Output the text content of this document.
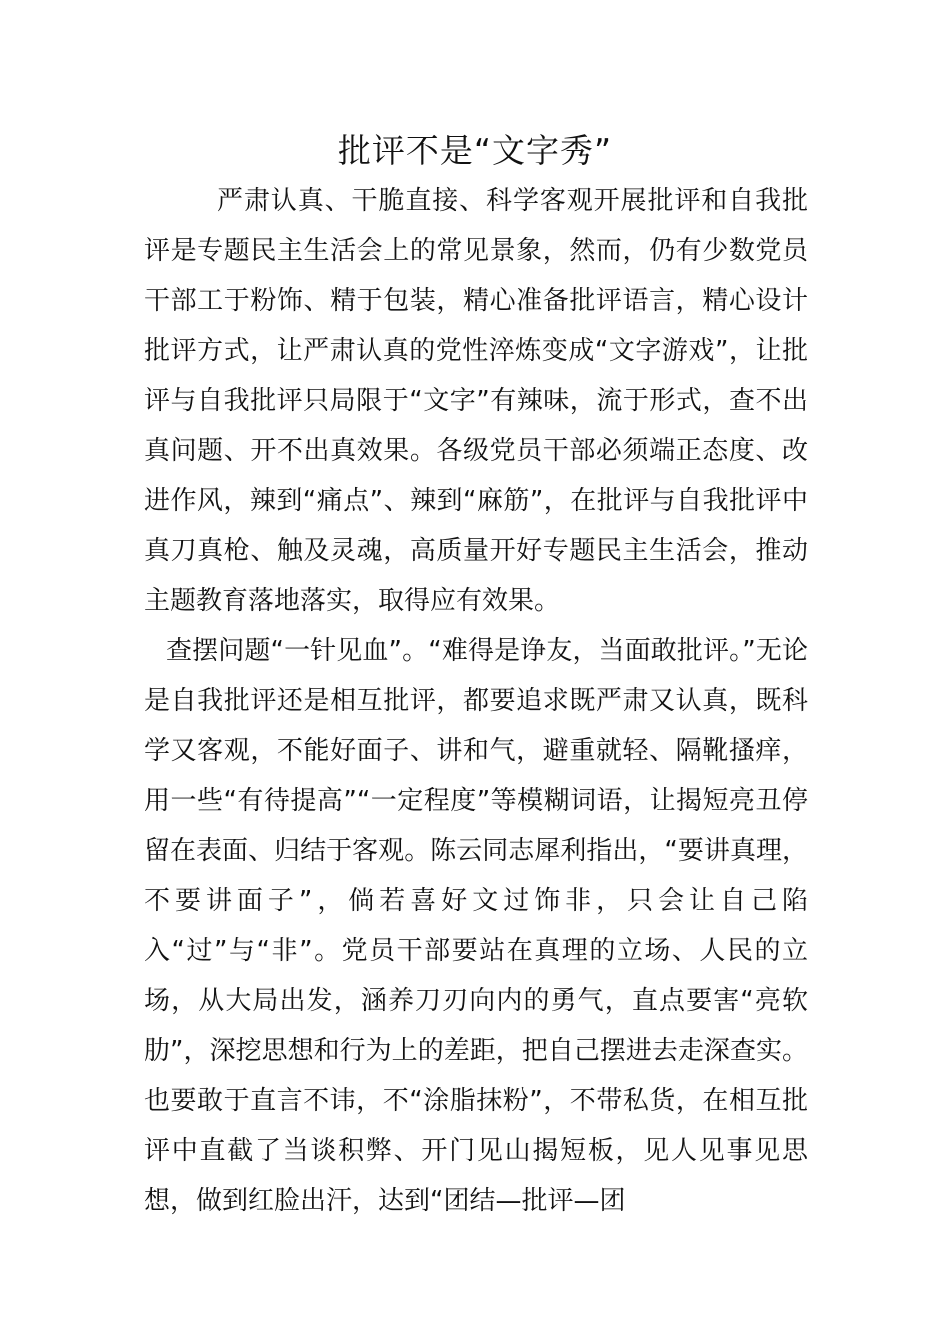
批评不是“文字秀”

严肃认真、干脆直接、科学客观开展批评和自我批评是专题民主生活会上的常见景象，然而，仍有少数党员干部工于粉饰、精于包装，精心准备批评语言，精心设计批评方式，让严肃认真的党性淬炼变成“文字游戏”，让批评与自我批评只局限于“文字”有辣味，流于形式，查不出真问题、开不出真效果。各级党员干部必须端正态度、改进作风，辣到“痛点”、辣到“麻筋”，在批评与自我批评中真刀真枪、触及灵魂，高质量开好专题民主生活会，推动主题教育落地落实，取得应有效果。

查摆问题“一针见血”。“难得是诤友，当面敢批评。”无论是自我批评还是相互批评，都要追求既严肃又认真，既科学又客观，不能好面子、讲和气，避重就轻、隔靴搔痒，用一些“有待提高”“一定程度”等模糊词语，让揭短亮丑停留在表面、归结于客观。陈云同志犀利指出，“要讲真理，不要讲面子”，倘若喜好文过饰非，只会让自己陷入“过”与“非”。党员干部要站在真理的立场、人民的立场，从大局出发，涵养刀刃向内的勇气，直点要害“亮软肋”，深挖思想和行为上的差距，把自己摆进去走深查实。也要敢于直言不讳，不“涂脂抹粉”，不带私货，在相互批评中直截了当谈积弊、开门见山揭短板，见人见事见思想，做到红脸出汗，达到“团结—批评—团
